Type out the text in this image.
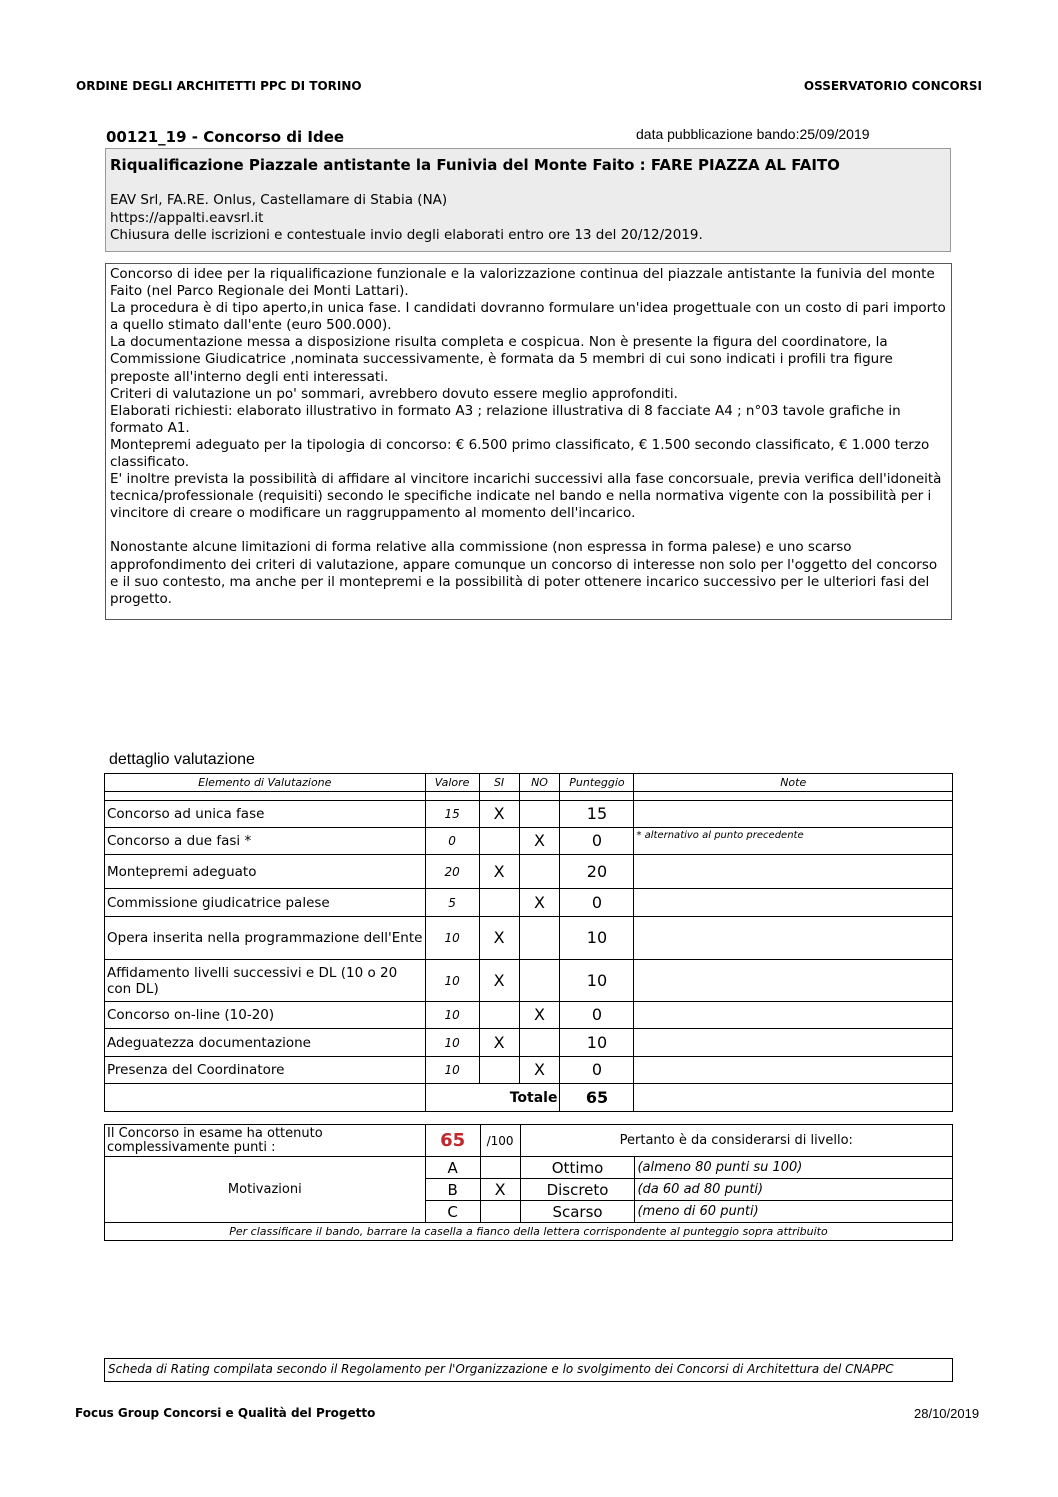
ORDINE DEGLI ARCHITETTI PPC DI TORINO	OSSERVATORIO CONCORSI
00121_19 - Concorso di Idee	data pubblicazione bando:25/09/2019
Riqualificazione Piazzale antistante la Funivia del Monte Faito : FARE PIAZZA AL FAITO
EAV Srl, FA.RE. Onlus, Castellamare di Stabia (NA)
https://appalti.eavsrl.it
Chiusura delle iscrizioni e contestuale invio degli elaborati entro ore 13 del 20/12/2019.

Concorso di idee per la riqualificazione funzionale e la valorizzazione continua del piazzale antistante la funivia del monte Faito (nel Parco Regionale dei Monti Lattari).

La procedura è di tipo aperto,in unica fase. I candidati dovranno formulare un'idea progettuale con un costo di pari importo a quello stimato dall'ente (euro 500.000).

La documentazione messa a disposizione risulta completa e cospicua. Non è presente la figura del coordinatore, la Commissione Giudicatrice ,nominata successivamente, è formata da 5 membri di cui sono indicati i profili tra figure preposte all'interno degli enti interessati.

Criteri di valutazione un po' sommari, avrebbero dovuto essere meglio approfonditi.

Elaborati richiesti: elaborato illustrativo in formato A3 ; relazione illustrativa di 8 facciate A4 ; n°03 tavole grafiche in formato A1.

Montepremi adeguato per la tipologia di concorso: € 6.500 primo classificato, € 1.500 secondo classificato, € 1.000 terzo classificato.

E' inoltre prevista la possibilità di affidare al vincitore incarichi successivi alla fase concorsuale, previa verifica dell'idoneità tecnica/professionale (requisiti) secondo le specifiche indicate nel bando e nella normativa vigente con la possibilità per i vincitore di creare o modificare un raggruppamento al momento dell'incarico.

Nonostante alcune limitazioni di forma relative alla commissione (non espressa in forma palese) e uno scarso approfondimento dei criteri di valutazione, appare comunque un concorso di interesse non solo per l'oggetto del concorso e il suo contesto, ma anche per il montepremi e la possibilità di poter ottenere incarico successivo per le ulteriori fasi del progetto.

dettaglio valutazione
Elemento di Valutazione	Valore	SI	NO	Punteggio	Note

Concorso ad unica fase	15	X		15	
Concorso a due fasi *	0		X	0	* alternativo al punto precedente
Montepremi adeguato	20	X		20	
Commissione giudicatrice palese	5		X	0	
Opera inserita nella programmazione dell'Ente	10	X		10	
Affidamento livelli successivi e DL (10 o 20 con DL)	10	X		10	
Concorso on-line (10-20)	10		X	0	
Adeguatezza documentazione	10	X		10	
Presenza del Coordinatore	10		X	0	
	Totale			65	
Il Concorso in esame ha ottenuto complessivamente punti :	65	/100	Pertanto è da considerarsi di livello:	
Motivazioni	A		Ottimo	(almeno 80 punti su 100)
	B	X	Discreto	(da 60 ad 80 punti)
	C		Scarso	(meno di 60 punti)
Per classificare il bando, barrare la casella a fianco della lettera corrispondente al punteggio sopra attribuito				
Scheda di Rating compilata secondo il Regolamento per l'Organizzazione e lo svolgimento dei Concorsi di Architettura del CNAPPC
Focus Group Concorsi e Qualità del Progetto	28/10/2019
